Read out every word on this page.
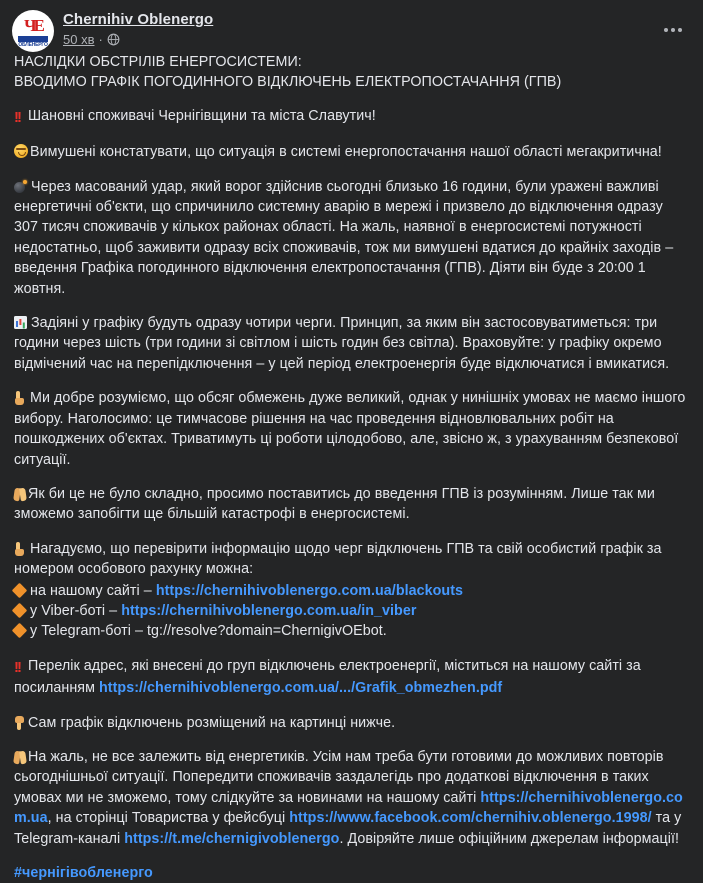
ЧЕ
ОБЛЕНЕРГО
Chernihiv Oblenergo
50 хв ·
НАСЛІДКИ ОБСТРІЛІВ ЕНЕРГОСИСТЕМИ:
ВВОДИМО ГРАФІК ПОГОДИННОГО ВІДКЛЮЧЕНЬ ЕЛЕКТРОПОСТАЧАННЯ (ГПВ)

!! Шановні споживачі Чернігівщини та міста Славутич!

Вимушені констатувати, що ситуація в системі енергопостачання нашої області мегакритична!

Через масований удар, який ворог здійснив сьогодні близько 16 години, були уражені важливі енергетичні об'єкти, що спричинило системну аварію в мережі і призвело до відключення одразу 307 тисяч споживачів у кількох районах області. На жаль, наявної в енергосистемі потужності недостатньо, щоб заживити одразу всіх споживачів, тож ми вимушені вдатися до крайніх заходів – введення Графіка погодинного відключення електропостачання (ГПВ). Діяти він буде з 20:00 1 жовтня.

Задіяні у графіку будуть одразу чотири черги. Принцип, за яким він застосовуватиметься: три години через шість (три години зі світлом і шість годин без світла). Враховуйте: у графіку окремо відмічений час на перепідключення – у цей період електроенергія буде відключатися і вмикатися.

Ми добре розуміємо, що обсяг обмежень дуже великий, однак у нинішніх умовах не маємо іншого вибору. Наголосимо: це тимчасове рішення на час проведення відновлювальних робіт на пошкоджених об'єктах. Триватимуть ці роботи цілодобово, але, звісно ж, з урахуванням безпекової ситуації.

Як би це не було складно, просимо поставитись до введення ГПВ із розумінням. Лише так ми зможемо запобігти ще більшій катастрофі в енергосистемі.

Нагадуємо, що перевірити інформацію щодо черг відключень ГПВ та свій особистий графік за номером особового рахунку можна:

на нашому сайті – https://chernihivoblenergo.com.ua/blackouts
у Viber-боті – https://chernihivoblenergo.com.ua/in_viber
у Telegram-боті – tg://resolve?domain=ChernigivOEbot.

!! Перелік адрес, які внесені до груп відключень електроенергії, міститься на нашому сайті за посиланням https://chernihivoblenergo.com.ua/.../Grafik_obmezhen.pdf

Сам графік відключень розміщений на картинці нижче.

На жаль, не все залежить від енергетиків. Усім нам треба бути готовими до можливих повторів сьогоднішньої ситуації. Попередити споживачів заздалегідь про додаткові відключення в таких умовах ми не зможемо, тому слідкуйте за новинами на нашому сайті https://chernihivoblenergo.com.ua, на сторінці Товариства у фейсбуці https://www.facebook.com/chernihiv.oblenergo.1998/ та у Telegram-каналі https://t.me/chernigivoblenergo. Довіряйте лише офіційним джерелам інформації!

#чернігівобленерго
